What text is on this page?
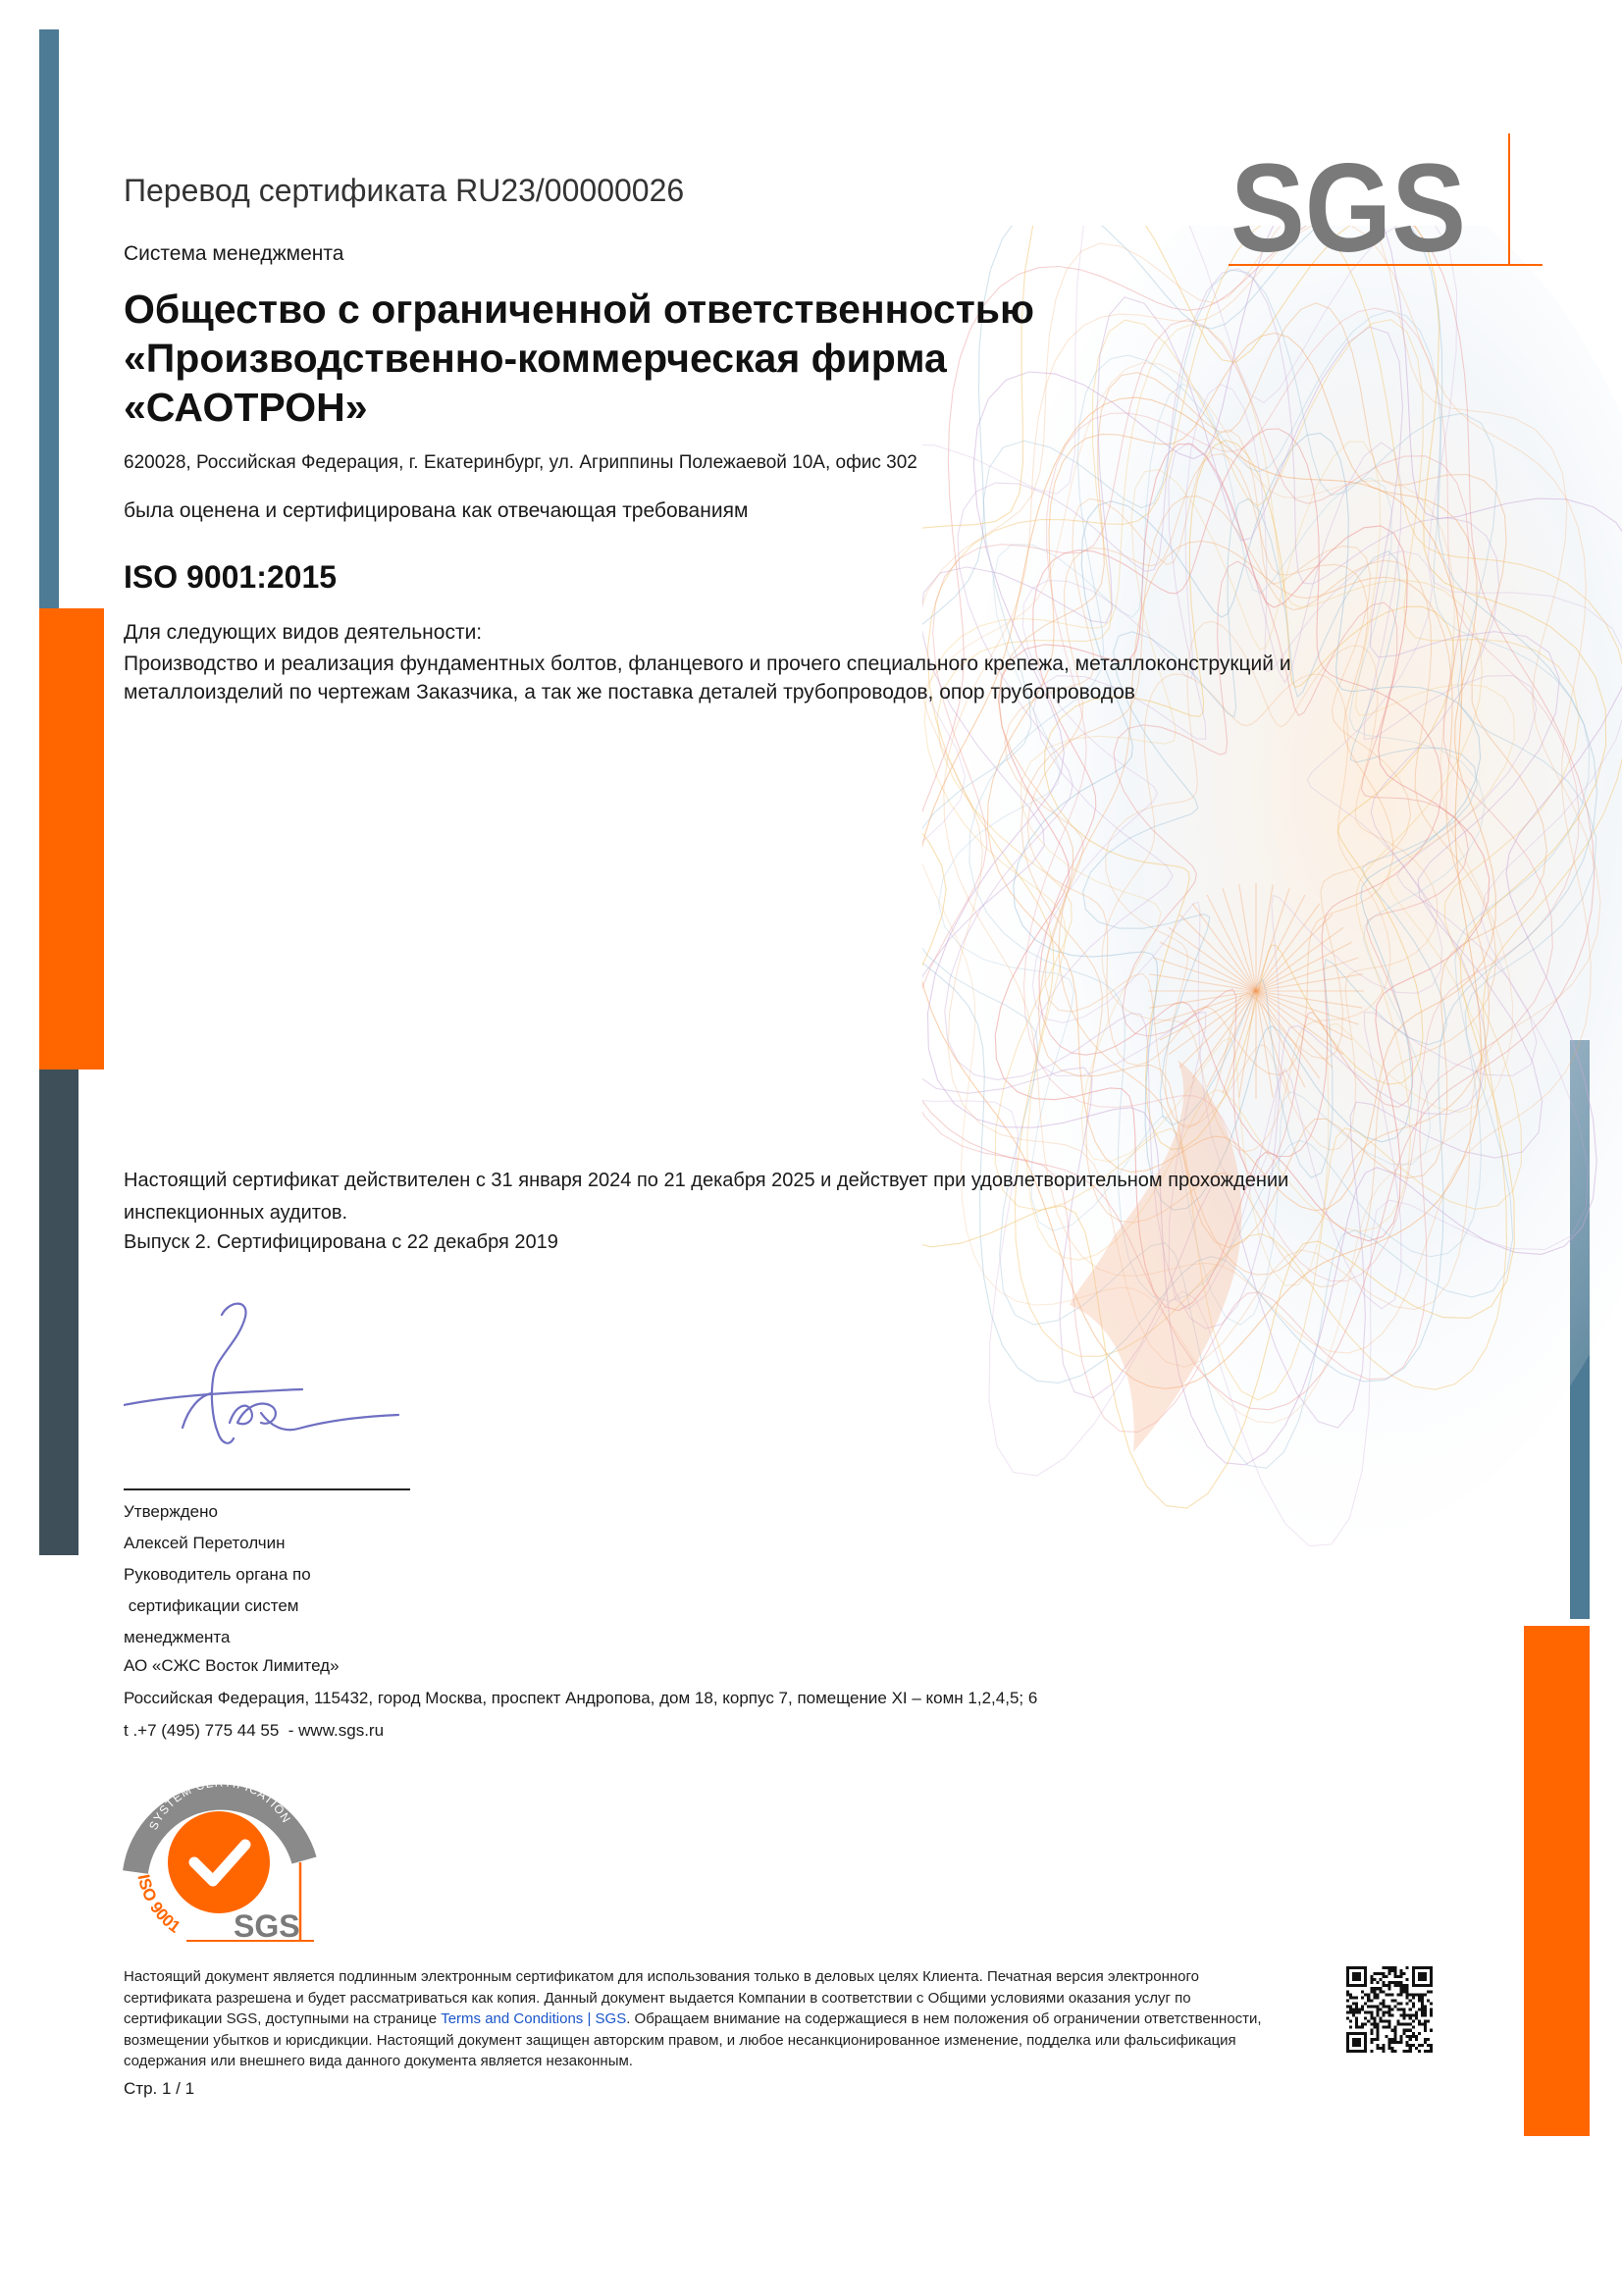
SGS
Перевод сертификата RU23/00000026
Система менеджмента
Общество с ограниченной ответственностью
«Производственно-коммерческая фирма
«САОТРОН»
620028, Российская Федерация, г. Екатеринбург, ул. Агриппины Полежаевой 10А, офис 302
была оценена и сертифицирована как отвечающая требованиям
ISO 9001:2015
Для следующих видов деятельности:
Производство и реализация фундаментных болтов, фланцевого и прочего специального крепежа, металлоконструкций и
металлоизделий по чертежам Заказчика, а так же поставка деталей трубопроводов, опор трубопроводов
Настоящий сертификат действителен с 31 января 2024 по 21 декабря 2025 и действует при удовлетворительном прохождении
инспекционных аудитов.
Выпуск 2. Сертифицирована с 22 декабря 2019
Утверждено
Алексей Перетолчин
Руководитель органа по
сертификации систем
менеджмента
АО «СЖС Восток Лимитед»
Российская Федерация, 115432, город Москва, проспект Андропова, дом 18, корпус 7, помещение XI – комн 1,2,4,5; 6
t .+7 (495) 775 44 55  - www.sgs.ru
SYSTEM CERTIFICATION
ISO 9001 SGS
Настоящий документ является подлинным электронным сертификатом для использования только в деловых целях Клиента. Печатная версия электронного
сертификата разрешена и будет рассматриваться как копия. Данный документ выдается Компании в соответствии с Общими условиями оказания услуг по
сертификации SGS, доступными на странице Terms and Conditions | SGS. Обращаем внимание на содержащиеся в нем положения об ограничении ответственности,
возмещении убытков и юрисдикции. Настоящий документ защищен авторским правом, и любое несанкционированное изменение, подделка или фальсификация
содержания или внешнего вида данного документа является незаконным.
Стр. 1 / 1
